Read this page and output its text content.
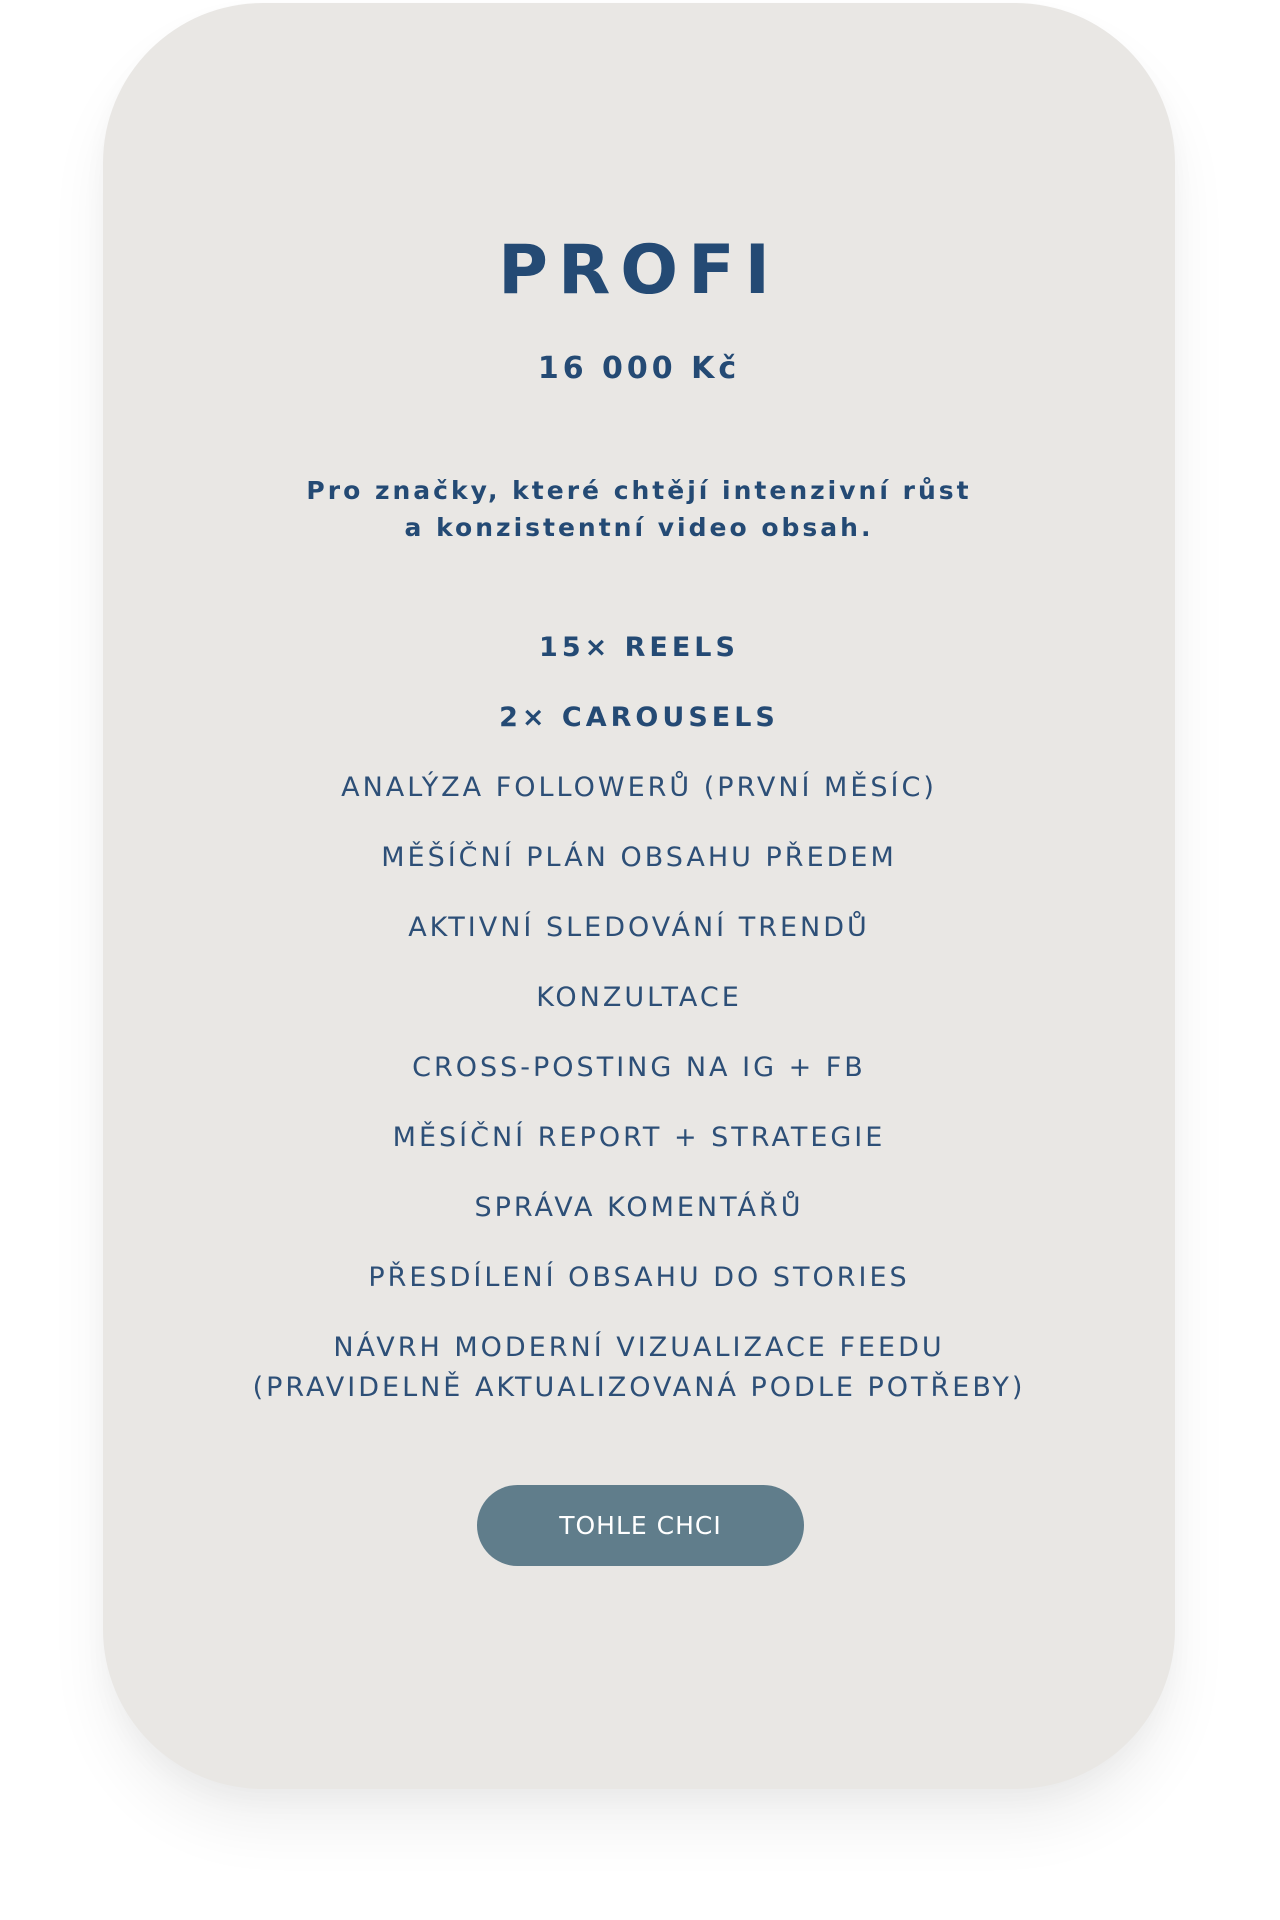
PROFI
16 000 Kč
Pro značky, které chtějí intenzivní růst
a konzistentní video obsah.
15× REELS
2× CAROUSELS
ANALÝZA FOLLOWERŮ (PRVNÍ MĚSÍC)
MĚŠÍČNÍ PLÁN OBSAHU PŘEDEM
AKTIVNÍ SLEDOVÁNÍ TRENDŮ
KONZULTACE
CROSS-POSTING NA IG + FB
MĚSÍČNÍ REPORT + STRATEGIE
SPRÁVA KOMENTÁŘŮ
PŘESDÍLENÍ OBSAHU DO STORIES
NÁVRH MODERNÍ VIZUALIZACE FEEDU
(PRAVIDELNĚ AKTUALIZOVANÁ PODLE POTŘEBY)
TOHLE CHCI
